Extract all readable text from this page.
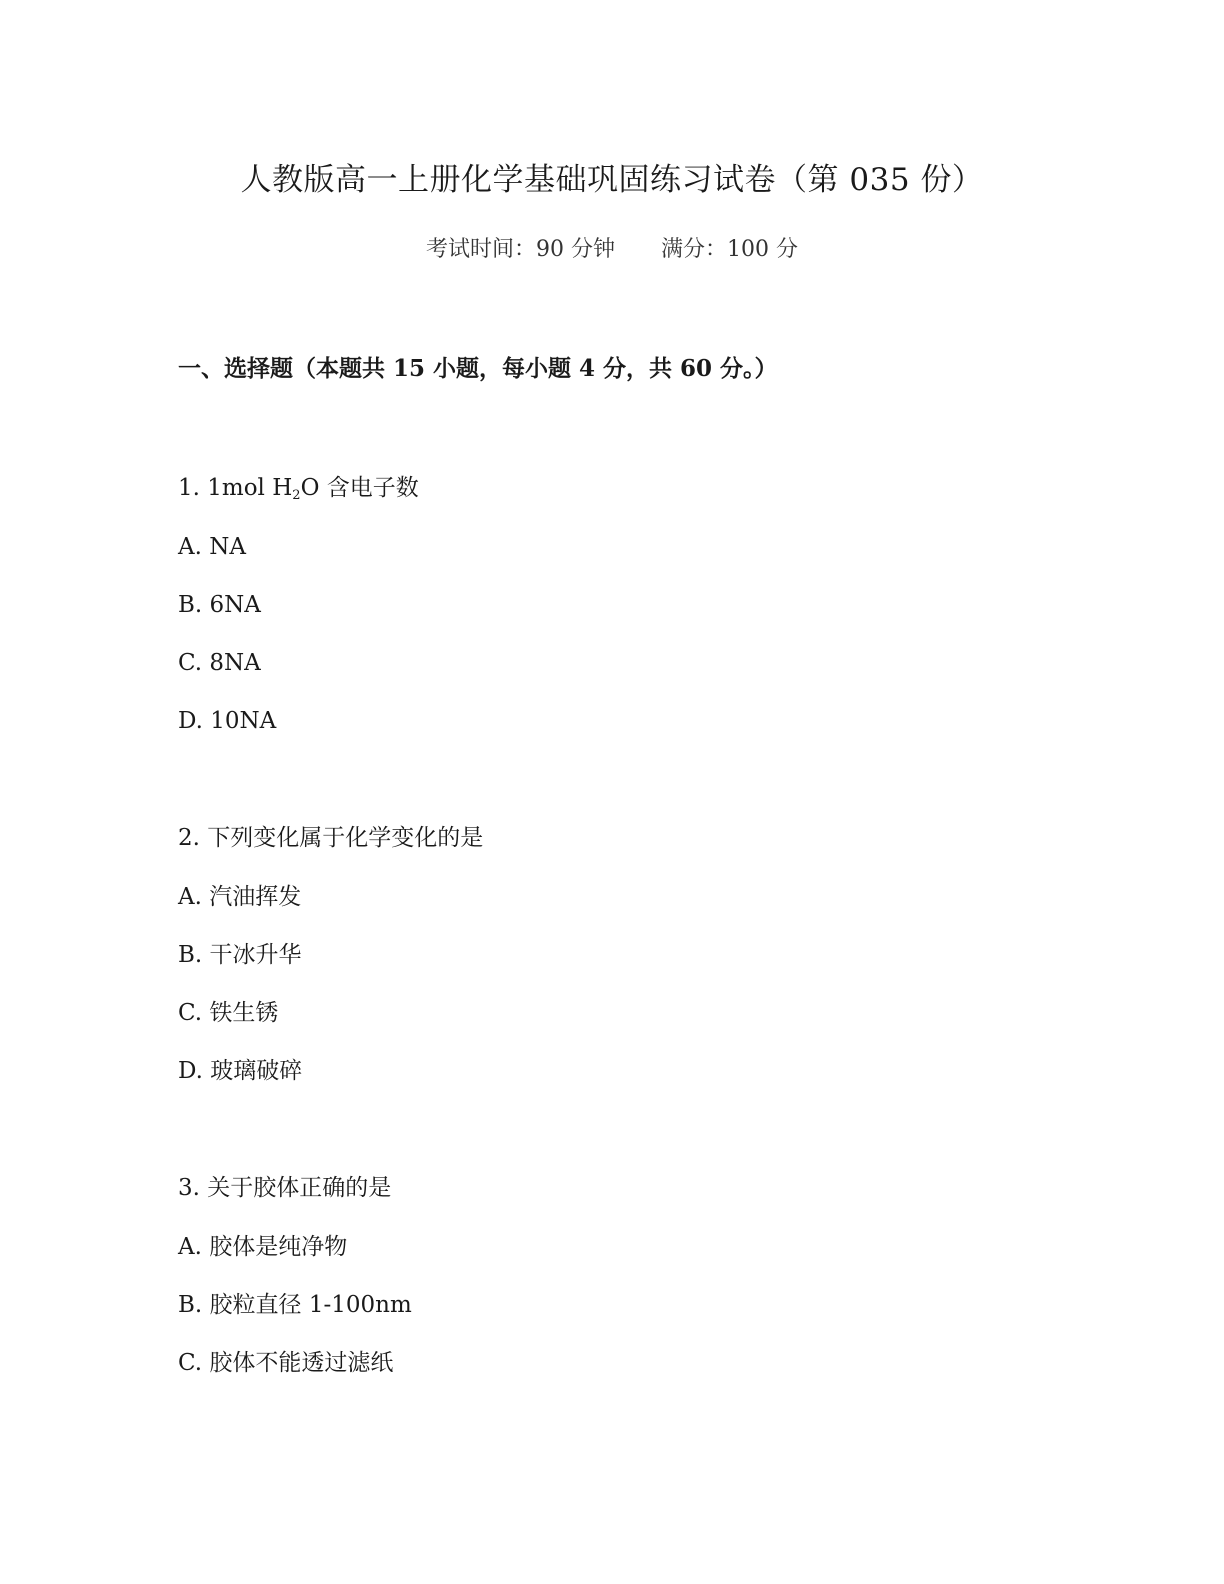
人教版高一上册化学基础巩固练习试卷（第 035 份）
考试时间：90 分钟 满分：100 分
一、选择题（本题共 15 小题，每小题 4 分，共 60 分。）
1. 1mol $H_2O$ 含电子数
A. NA
B. 6NA
C. 8NA
D. 10NA
2. 下列变化属于化学变化的是
A. 汽油挥发
B. 干冰升华
C. 铁生锈
D. 玻璃破碎
3. 关于胶体正确的是
A. 胶体是纯净物
B. 胶粒直径 1-100nm
C. 胶体不能透过滤纸
